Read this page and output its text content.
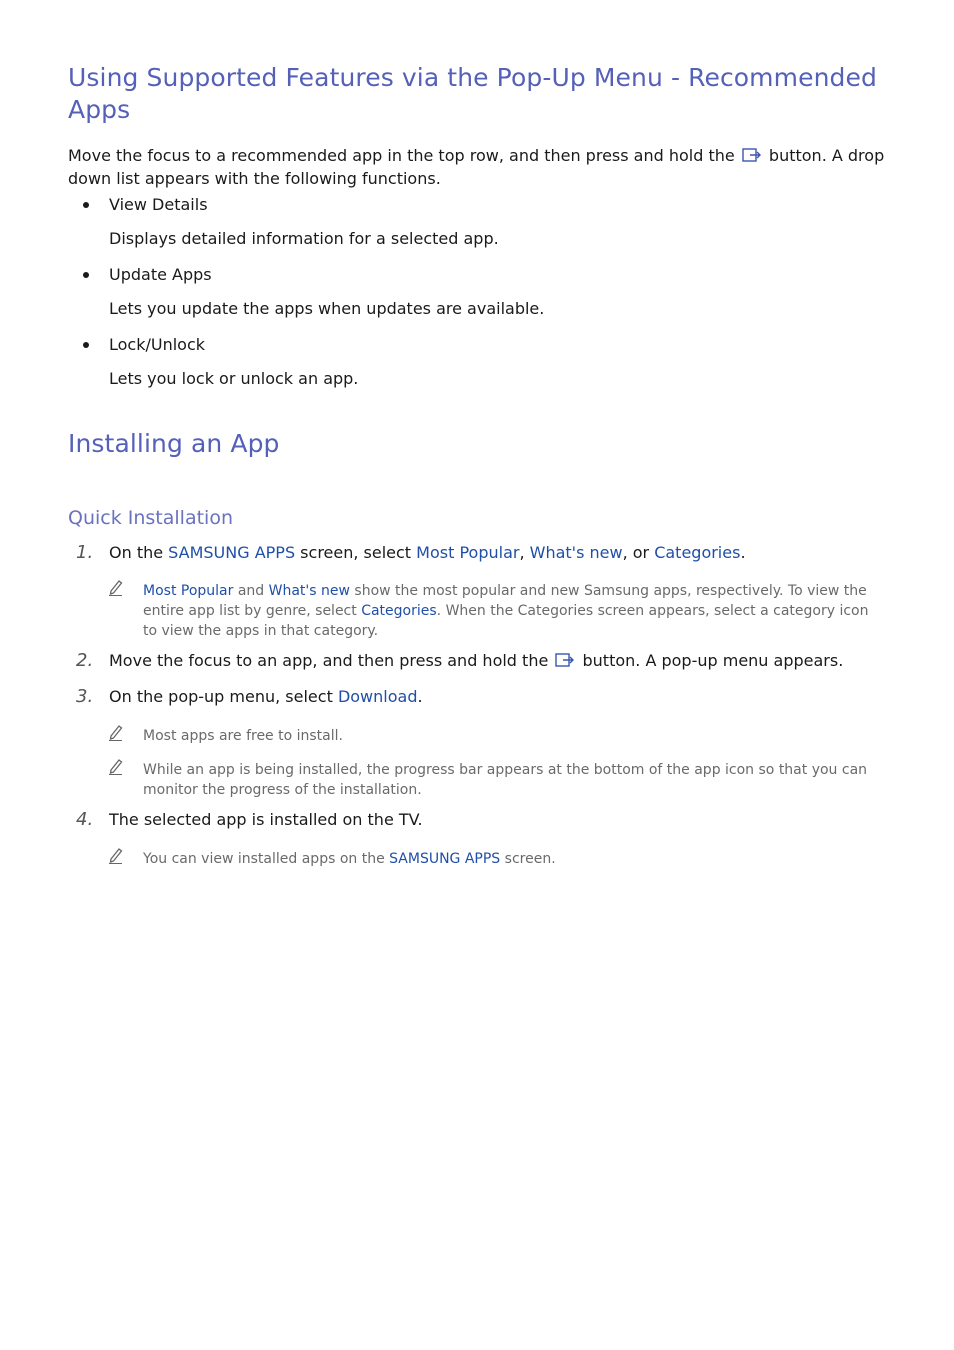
Using Supported Features via the Pop-Up Menu - Recommended Apps

Move the focus to a recommended app in the top row, and then press and hold the button. A drop down list appears with the following functions.

View Details
Displays detailed information for a selected app.
Update Apps
Lets you update the apps when updates are available.
Lock/Unlock
Lets you lock or unlock an app.
Installing an App
Quick Installation
1. On the SAMSUNG APPS screen, select Most Popular, What's new, or Categories.
Most Popular and What's new show the most popular and new Samsung apps, respectively. To view the entire app list by genre, select Categories. When the Categories screen appears, select a category icon to view the apps in that category.
2. Move the focus to an app, and then press and hold the button. A pop-up menu appears.
3. On the pop-up menu, select Download.
Most apps are free to install.
While an app is being installed, the progress bar appears at the bottom of the app icon so that you can monitor the progress of the installation.
4. The selected app is installed on the TV.
You can view installed apps on the SAMSUNG APPS screen.
